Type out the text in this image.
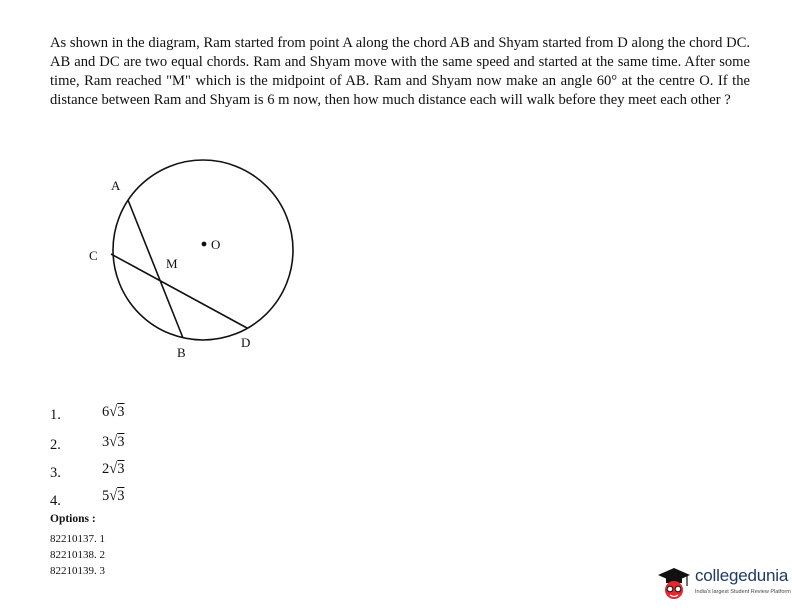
As shown in the diagram, Ram started from point A along the chord AB and Shyam started from D along the chord DC. AB and DC are two equal chords. Ram and Shyam move with the same speed and started at the same time. After some time, Ram reached "M" which is the midpoint of AB. Ram and Shyam now make an angle 60° at the centre O. If the distance between Ram and Shyam is 6 m now, then how much distance each will walk before they meet each other ?
A
C
M
O
B
D
1.	6√3
2.	3√3
3.	2√3
4.	5√3
Options :
82210137. 1
82210138. 2
82210139. 3	collegedunia
India's largest Student Review Platform
